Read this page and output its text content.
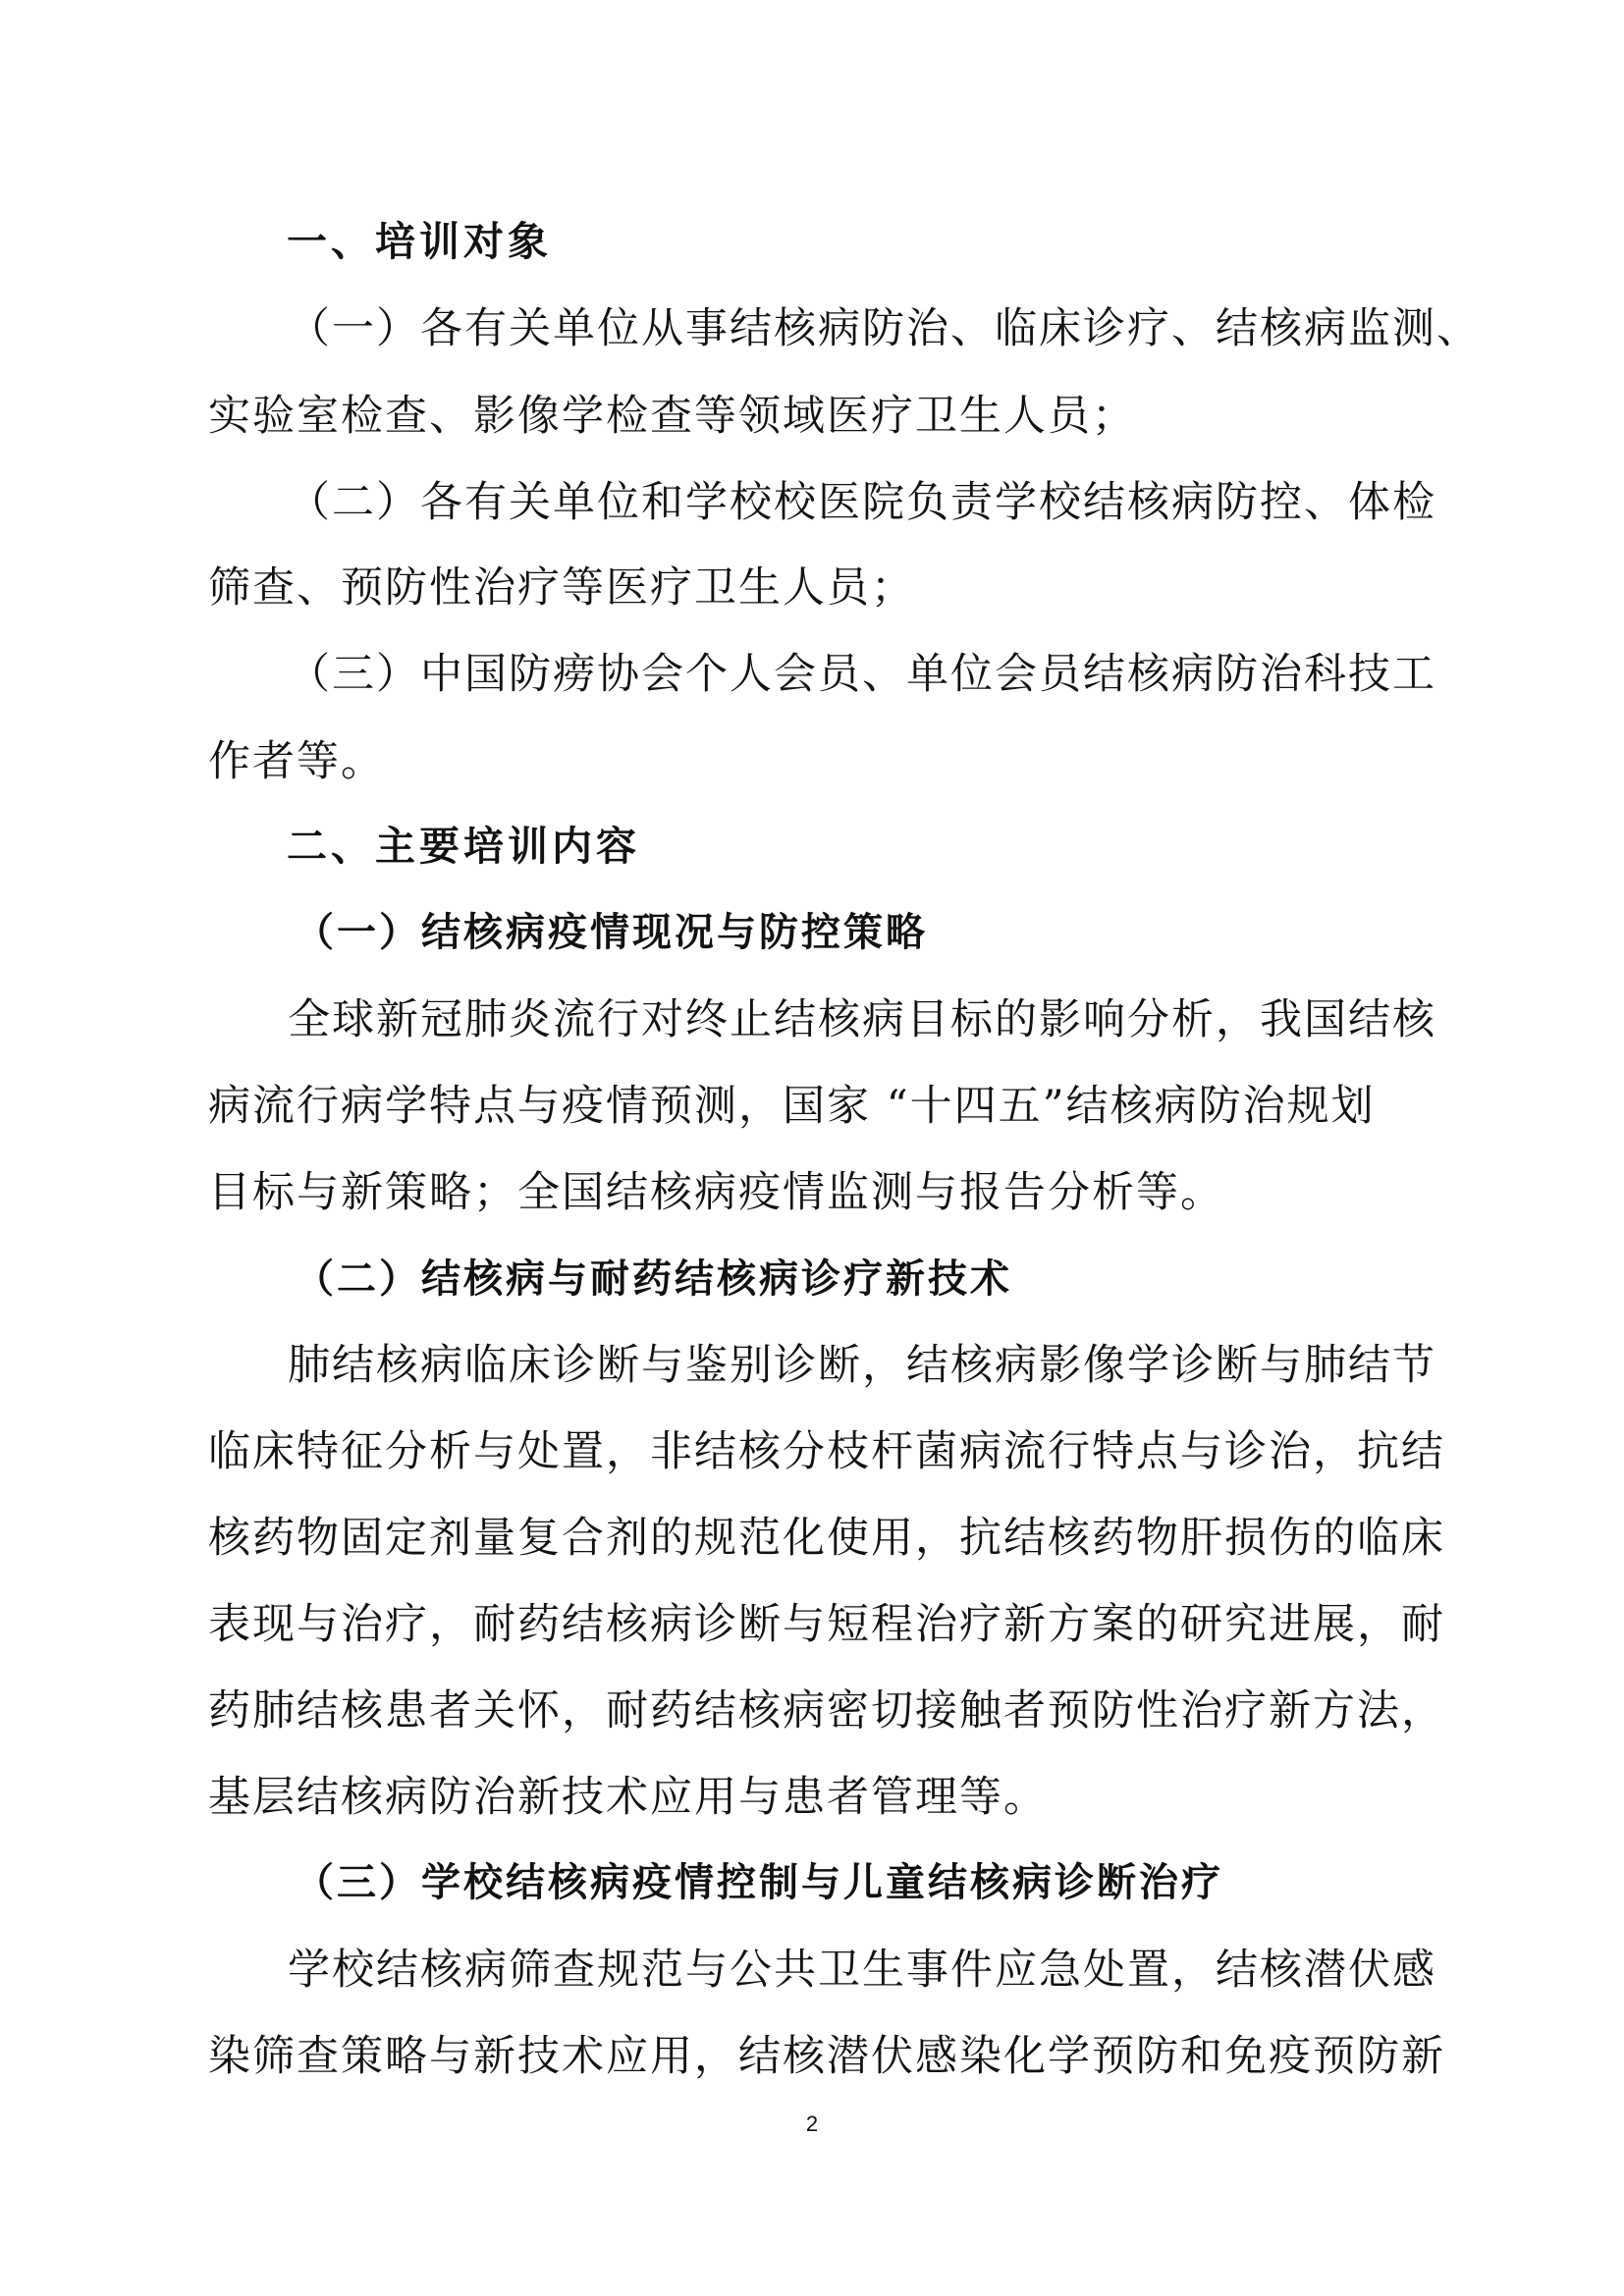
一、培训对象
（一）各有关单位从事结核病防治、临床诊疗、结核病监测、
实验室检查、影像学检查等领域医疗卫生人员；
（二）各有关单位和学校校医院负责学校结核病防控、体检
筛查、预防性治疗等医疗卫生人员；
（三）中国防痨协会个人会员、单位会员结核病防治科技工
作者等。
二、主要培训内容
（一）结核病疫情现况与防控策略
全球新冠肺炎流行对终止结核病目标的影响分析，我国结核
病流行病学特点与疫情预测，国家 “十四五”结核病防治规划
目标与新策略；全国结核病疫情监测与报告分析等。
（二）结核病与耐药结核病诊疗新技术
肺结核病临床诊断与鉴别诊断，结核病影像学诊断与肺结节
临床特征分析与处置，非结核分枝杆菌病流行特点与诊治，抗结
核药物固定剂量复合剂的规范化使用，抗结核药物肝损伤的临床
表现与治疗，耐药结核病诊断与短程治疗新方案的研究进展，耐
药肺结核患者关怀，耐药结核病密切接触者预防性治疗新方法，
基层结核病防治新技术应用与患者管理等。
（三）学校结核病疫情控制与儿童结核病诊断治疗
学校结核病筛查规范与公共卫生事件应急处置，结核潜伏感
染筛查策略与新技术应用，结核潜伏感染化学预防和免疫预防新
2
